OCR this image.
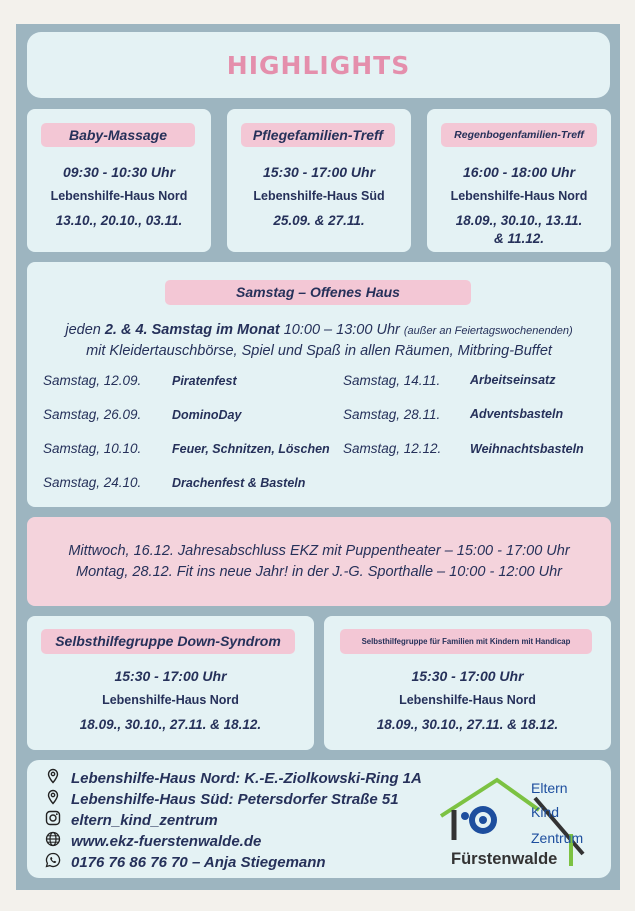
HIGHLIGHTS
Baby-Massage
09:30 - 10:30 Uhr
Lebenshilfe-Haus Nord
13.10., 20.10., 03.11.
Pflegefamilien-Treff
15:30 - 17:00 Uhr
Lebenshilfe-Haus Süd
25.09. & 27.11.
Regenbogenfamilien-Treff
16:00 - 18:00 Uhr
Lebenshilfe-Haus Nord
18.09., 30.10., 13.11.
& 11.12.
Samstag – Offenes Haus
jeden 2. & 4. Samstag im Monat 10:00 – 13:00 Uhr (außer an Feiertagswochenenden)
mit Kleidertauschbörse, Spiel und Spaß in allen Räumen, Mitbring-Buffet
Samstag, 12.09. Piratenfest
Samstag, 26.09. DominoDay
Samstag, 10.10. Feuer, Schnitzen, Löschen
Samstag, 24.10. Drachenfest & Basteln
Samstag, 14.11. Arbeitseinsatz
Samstag, 28.11. Adventsbasteln
Samstag, 12.12. Weihnachtsbasteln
Mittwoch, 16.12. Jahresabschluss EKZ mit Puppentheater – 15:00 - 17:00 Uhr
Montag, 28.12. Fit ins neue Jahr! in der J.-G. Sporthalle – 10:00 - 12:00 Uhr
Selbsthilfegruppe Down-Syndrom
15:30 - 17:00 Uhr
Lebenshilfe-Haus Nord
18.09., 30.10., 27.11. & 18.12.
Selbsthilfegruppe für Familien mit Kindern mit Handicap
15:30 - 17:00 Uhr
Lebenshilfe-Haus Nord
18.09., 30.10., 27.11. & 18.12.
Lebenshilfe-Haus Nord: K.-E.-Ziolkowski-Ring 1A
Lebenshilfe-Haus Süd: Petersdorfer Straße 51
eltern_kind_zentrum
www.ekz-fuerstenwalde.de
0176 76 86 76 70 – Anja Stiegemann
Eltern
Kind
Zentrum
Fürstenwalde
